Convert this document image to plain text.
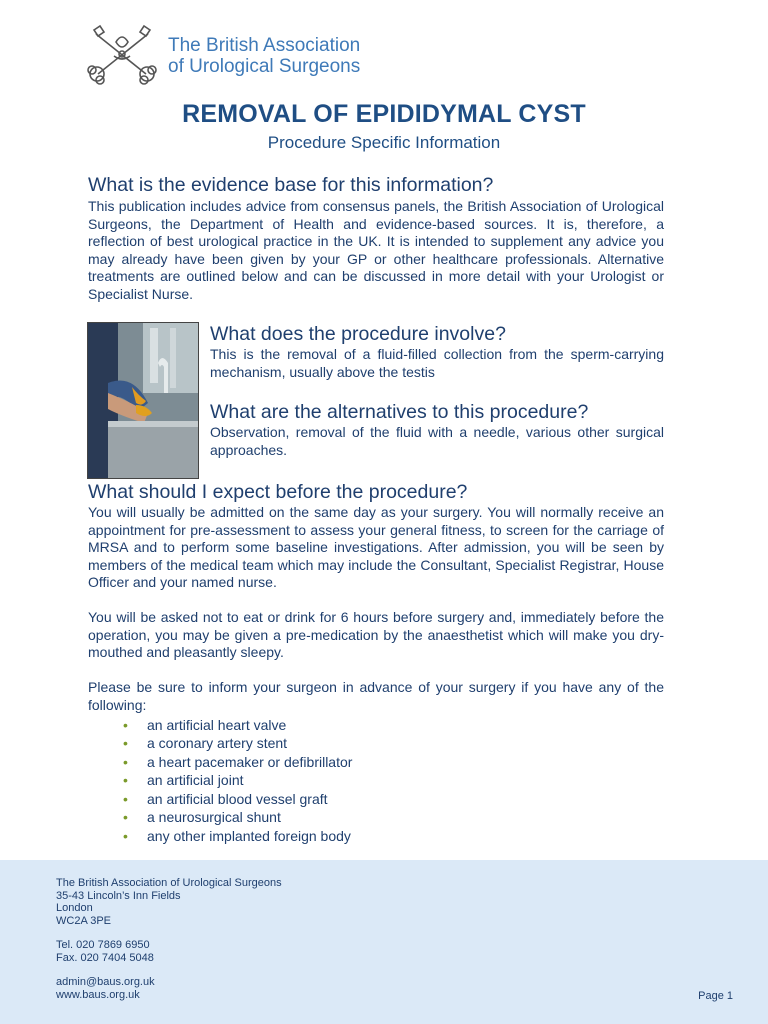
The British Association
of Urological Surgeons
REMOVAL OF EPIDIDYMAL CYST
Procedure Specific Information
What is the evidence base for this information?

This publication includes advice from consensus panels, the British Association of Urological Surgeons, the Department of Health and evidence-based sources. It is, therefore, a reflection of best urological practice in the UK. It is intended to supplement any advice you may already have been given by your GP or other healthcare professionals. Alternative treatments are outlined below and can be discussed in more detail with your Urologist or Specialist Nurse.

What does the procedure involve?

This is the removal of a fluid-filled collection from the sperm-carrying mechanism, usually above the testis

What are the alternatives to this procedure?

Observation, removal of the fluid with a needle, various other surgical approaches.

What should I expect before the procedure?

You will usually be admitted on the same day as your surgery. You will normally receive an appointment for pre-assessment to assess your general fitness, to screen for the carriage of MRSA and to perform some baseline investigations. After admission, you will be seen by members of the medical team which may include the Consultant, Specialist Registrar, House Officer and your named nurse.

You will be asked not to eat or drink for 6 hours before surgery and, immediately before the operation, you may be given a pre-medication by the anaesthetist which will make you dry-mouthed and pleasantly sleepy.

Please be sure to inform your surgeon in advance of your surgery if you have any of the following:

• an artificial heart valve
• a coronary artery stent
• a heart pacemaker or defibrillator
• an artificial joint
• an artificial blood vessel graft
• a neurosurgical shunt
• any other implanted foreign body
The British Association of Urological Surgeons
35-43 Lincoln’s Inn Fields
London
WC2A 3PE
Tel. 020 7869 6950
Fax. 020 7404 5048
admin@baus.org.uk
www.baus.org.uk	Page 1
